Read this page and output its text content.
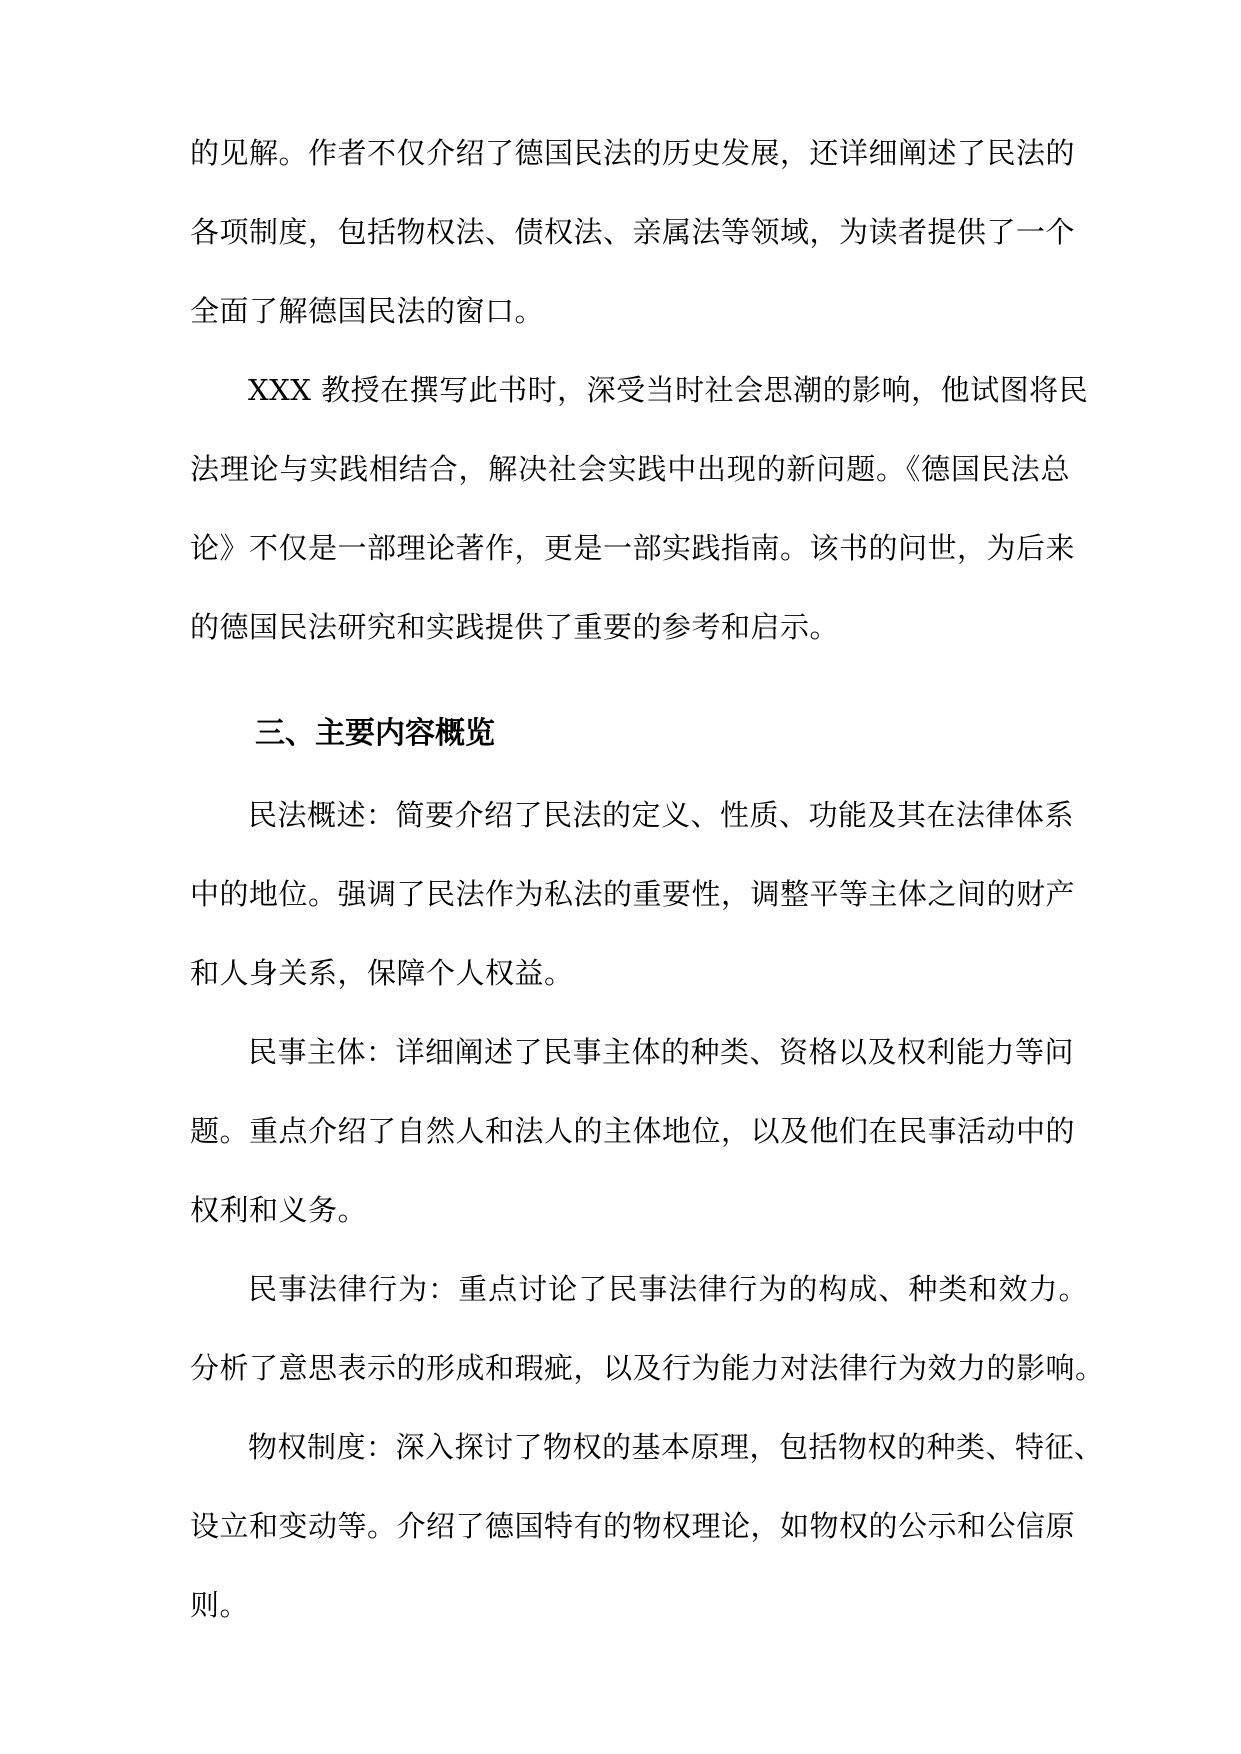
的见解。作者不仅介绍了德国民法的历史发展，还详细阐述了民法的
各项制度，包括物权法、债权法、亲属法等领域，为读者提供了一个
全面了解德国民法的窗口。
XXX 教授在撰写此书时，深受当时社会思潮的影响，他试图将民
法理论与实践相结合，解决社会实践中出现的新问题。《德国民法总
论》不仅是一部理论著作，更是一部实践指南。该书的问世，为后来
的德国民法研究和实践提供了重要的参考和启示。
三、主要内容概览
民法概述：简要介绍了民法的定义、性质、功能及其在法律体系
中的地位。强调了民法作为私法的重要性，调整平等主体之间的财产
和人身关系，保障个人权益。
民事主体：详细阐述了民事主体的种类、资格以及权利能力等问
题。重点介绍了自然人和法人的主体地位，以及他们在民事活动中的
权利和义务。
民事法律行为：重点讨论了民事法律行为的构成、种类和效力。
分析了意思表示的形成和瑕疵，以及行为能力对法律行为效力的影响。
物权制度：深入探讨了物权的基本原理，包括物权的种类、特征、
设立和变动等。介绍了德国特有的物权理论，如物权的公示和公信原
则。
